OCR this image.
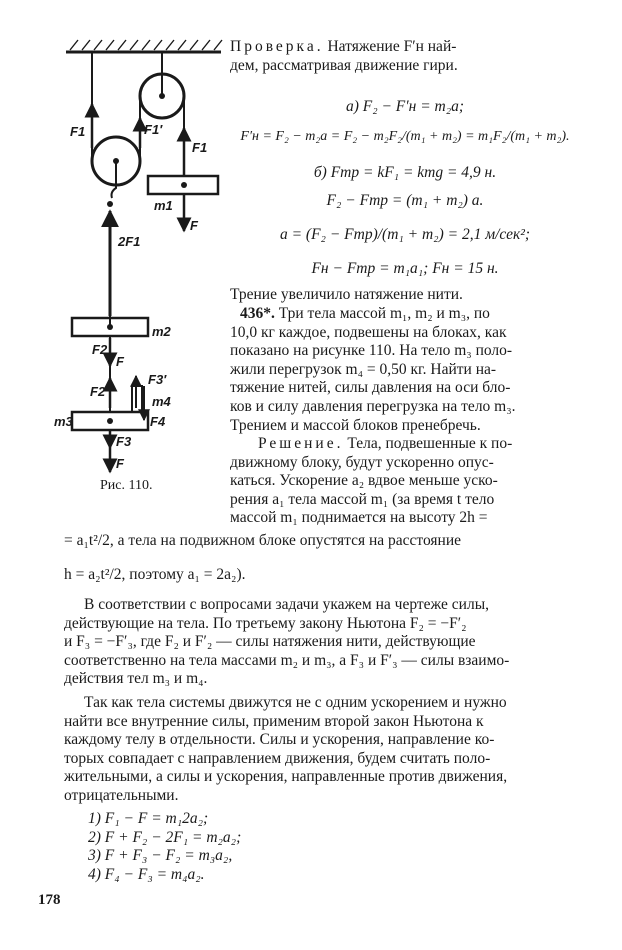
F1	F1′
F1
m1
F
2F1
m2
F2
F
F2′
F3′
m4
m3	F4
F3
F
Рис. 110.
Проверка. Натяжение F′н най-
дем, рассматривая движение гири.
а) F₂ − F′н = m₂a;
F′н = F₂ − m₂a = F₂ − m₂F₂/(m₁ + m₂) = m₁F₂/(m₁ + m₂).
б) Fтр = kF₁ = kmg = 4,9 н.
F₂ − Fтр = (m₁ + m₂) a.
a = (F₂ − Fтр)/(m₁ + m₂) = 2,1 м/сек²;
Fн − Fтр = m₁a₁; Fн = 15 н.
Трение увеличило натяжение нити.
436*. Три тела массой m₁, m₂ и m₃, по
10,0 кг каждое, подвешены на блоках, как
показано на рисунке 110. На тело m₃ поло-
жили перегрузок m₄ = 0,50 кг. Найти на-
тяжение нитей, силы давления на оси бло-
ков и силу давления перегрузка на тело m₃.
Трением и массой блоков пренебречь.
Решение. Тела, подвешенные к по-
движному блоку, будут ускоренно опус-
каться. Ускорение a₂ вдвое меньше уско-
рения a₁ тела массой m₁ (за время t тело
массой m₁ поднимается на высоту 2h =
= a₁t²/2, а тела на подвижном блоке опустятся на расстояние
h = a₂t²/2, поэтому a₁ = 2a₂).
В соответствии с вопросами задачи укажем на чертеже силы,
действующие на тела. По третьему закону Ньютона F₂ = −F′₂
и F₃ = −F′₃, где F₂ и F′₂ — силы натяжения нити, действующие
соответственно на тела массами m₂ и m₃, а F₃ и F′₃ — силы взаимо-
действия тел m₃ и m₄.
Так как тела системы движутся не с одним ускорением и нужно
найти все внутренние силы, применим второй закон Ньютона к
каждому телу в отдельности. Силы и ускорения, направление ко-
торых совпадает с направлением движения, будем считать поло-
жительными, а силы и ускорения, направленные против движения,
отрицательными.
1) F₁ − F = m₁2a₂;
2) F + F₂ − 2F₁ = m₂a₂;
3) F + F₃ − F₂ = m₃a₂,
4) F₄ − F₃ = m₄a₂.
178
